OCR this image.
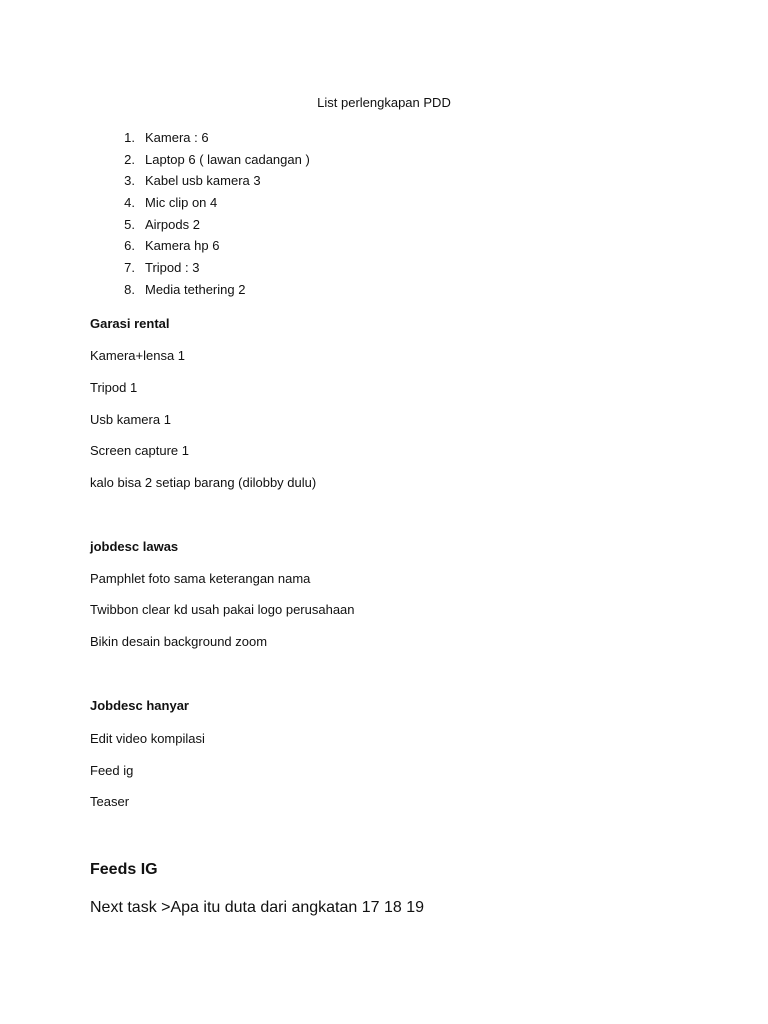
List perlengkapan PDD
1. Kamera : 6
2. Laptop 6 ( lawan cadangan )
3. Kabel usb kamera 3
4. Mic clip on 4
5. Airpods 2
6. Kamera hp 6
7. Tripod : 3
8. Media tethering 2
Garasi rental
Kamera+lensa 1
Tripod 1
Usb kamera 1
Screen capture 1
kalo bisa 2 setiap barang (dilobby dulu)
jobdesc lawas
Pamphlet foto sama keterangan nama
Twibbon clear kd usah pakai logo perusahaan
Bikin desain background zoom
Jobdesc hanyar
Edit video kompilasi
Feed ig
Teaser
Feeds IG
Next task >Apa itu duta dari angkatan 17 18 19
